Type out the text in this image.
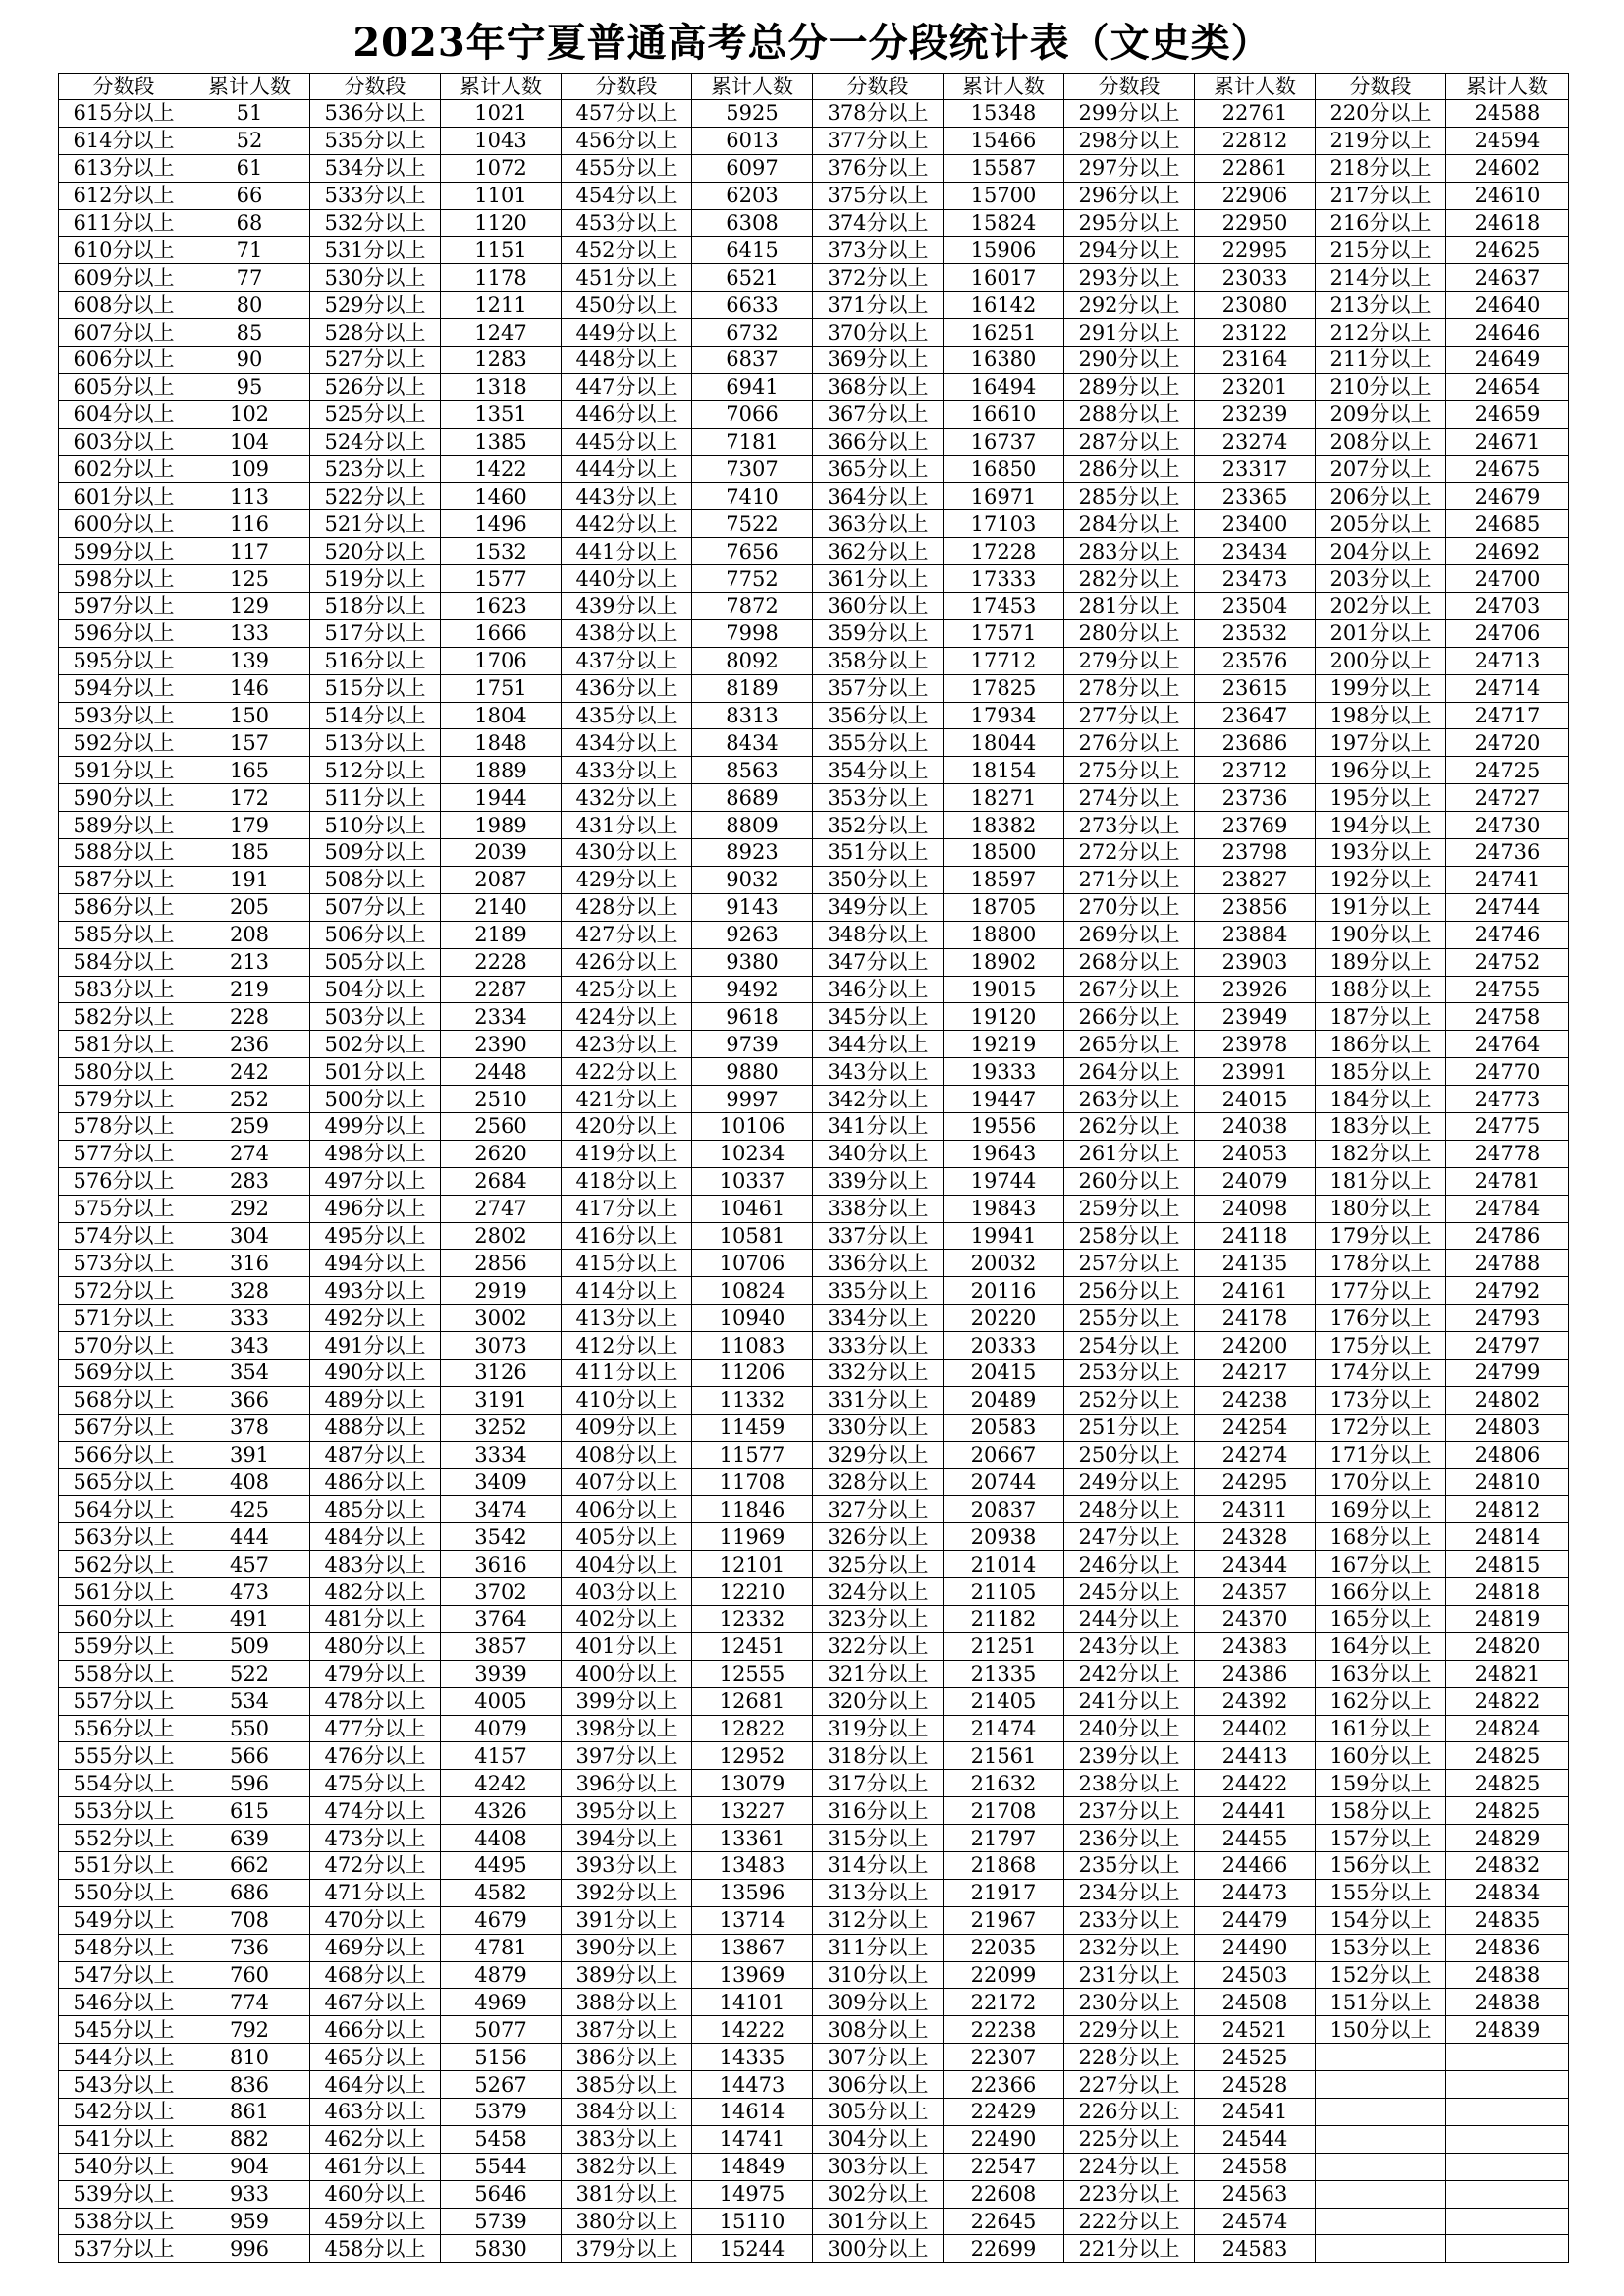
2023年宁夏普通高考总分一分段统计表（文史类）
分数段	累计人数	分数段	累计人数	分数段	累计人数	分数段	累计人数	分数段	累计人数	分数段	累计人数
615分以上	51	536分以上	1021	457分以上	5925	378分以上	15348	299分以上	22761	220分以上	24588
614分以上	52	535分以上	1043	456分以上	6013	377分以上	15466	298分以上	22812	219分以上	24594
613分以上	61	534分以上	1072	455分以上	6097	376分以上	15587	297分以上	22861	218分以上	24602
612分以上	66	533分以上	1101	454分以上	6203	375分以上	15700	296分以上	22906	217分以上	24610
611分以上	68	532分以上	1120	453分以上	6308	374分以上	15824	295分以上	22950	216分以上	24618
610分以上	71	531分以上	1151	452分以上	6415	373分以上	15906	294分以上	22995	215分以上	24625
609分以上	77	530分以上	1178	451分以上	6521	372分以上	16017	293分以上	23033	214分以上	24637
608分以上	80	529分以上	1211	450分以上	6633	371分以上	16142	292分以上	23080	213分以上	24640
607分以上	85	528分以上	1247	449分以上	6732	370分以上	16251	291分以上	23122	212分以上	24646
606分以上	90	527分以上	1283	448分以上	6837	369分以上	16380	290分以上	23164	211分以上	24649
605分以上	95	526分以上	1318	447分以上	6941	368分以上	16494	289分以上	23201	210分以上	24654
604分以上	102	525分以上	1351	446分以上	7066	367分以上	16610	288分以上	23239	209分以上	24659
603分以上	104	524分以上	1385	445分以上	7181	366分以上	16737	287分以上	23274	208分以上	24671
602分以上	109	523分以上	1422	444分以上	7307	365分以上	16850	286分以上	23317	207分以上	24675
601分以上	113	522分以上	1460	443分以上	7410	364分以上	16971	285分以上	23365	206分以上	24679
600分以上	116	521分以上	1496	442分以上	7522	363分以上	17103	284分以上	23400	205分以上	24685
599分以上	117	520分以上	1532	441分以上	7656	362分以上	17228	283分以上	23434	204分以上	24692
598分以上	125	519分以上	1577	440分以上	7752	361分以上	17333	282分以上	23473	203分以上	24700
597分以上	129	518分以上	1623	439分以上	7872	360分以上	17453	281分以上	23504	202分以上	24703
596分以上	133	517分以上	1666	438分以上	7998	359分以上	17571	280分以上	23532	201分以上	24706
595分以上	139	516分以上	1706	437分以上	8092	358分以上	17712	279分以上	23576	200分以上	24713
594分以上	146	515分以上	1751	436分以上	8189	357分以上	17825	278分以上	23615	199分以上	24714
593分以上	150	514分以上	1804	435分以上	8313	356分以上	17934	277分以上	23647	198分以上	24717
592分以上	157	513分以上	1848	434分以上	8434	355分以上	18044	276分以上	23686	197分以上	24720
591分以上	165	512分以上	1889	433分以上	8563	354分以上	18154	275分以上	23712	196分以上	24725
590分以上	172	511分以上	1944	432分以上	8689	353分以上	18271	274分以上	23736	195分以上	24727
589分以上	179	510分以上	1989	431分以上	8809	352分以上	18382	273分以上	23769	194分以上	24730
588分以上	185	509分以上	2039	430分以上	8923	351分以上	18500	272分以上	23798	193分以上	24736
587分以上	191	508分以上	2087	429分以上	9032	350分以上	18597	271分以上	23827	192分以上	24741
586分以上	205	507分以上	2140	428分以上	9143	349分以上	18705	270分以上	23856	191分以上	24744
585分以上	208	506分以上	2189	427分以上	9263	348分以上	18800	269分以上	23884	190分以上	24746
584分以上	213	505分以上	2228	426分以上	9380	347分以上	18902	268分以上	23903	189分以上	24752
583分以上	219	504分以上	2287	425分以上	9492	346分以上	19015	267分以上	23926	188分以上	24755
582分以上	228	503分以上	2334	424分以上	9618	345分以上	19120	266分以上	23949	187分以上	24758
581分以上	236	502分以上	2390	423分以上	9739	344分以上	19219	265分以上	23978	186分以上	24764
580分以上	242	501分以上	2448	422分以上	9880	343分以上	19333	264分以上	23991	185分以上	24770
579分以上	252	500分以上	2510	421分以上	9997	342分以上	19447	263分以上	24015	184分以上	24773
578分以上	259	499分以上	2560	420分以上	10106	341分以上	19556	262分以上	24038	183分以上	24775
577分以上	274	498分以上	2620	419分以上	10234	340分以上	19643	261分以上	24053	182分以上	24778
576分以上	283	497分以上	2684	418分以上	10337	339分以上	19744	260分以上	24079	181分以上	24781
575分以上	292	496分以上	2747	417分以上	10461	338分以上	19843	259分以上	24098	180分以上	24784
574分以上	304	495分以上	2802	416分以上	10581	337分以上	19941	258分以上	24118	179分以上	24786
573分以上	316	494分以上	2856	415分以上	10706	336分以上	20032	257分以上	24135	178分以上	24788
572分以上	328	493分以上	2919	414分以上	10824	335分以上	20116	256分以上	24161	177分以上	24792
571分以上	333	492分以上	3002	413分以上	10940	334分以上	20220	255分以上	24178	176分以上	24793
570分以上	343	491分以上	3073	412分以上	11083	333分以上	20333	254分以上	24200	175分以上	24797
569分以上	354	490分以上	3126	411分以上	11206	332分以上	20415	253分以上	24217	174分以上	24799
568分以上	366	489分以上	3191	410分以上	11332	331分以上	20489	252分以上	24238	173分以上	24802
567分以上	378	488分以上	3252	409分以上	11459	330分以上	20583	251分以上	24254	172分以上	24803
566分以上	391	487分以上	3334	408分以上	11577	329分以上	20667	250分以上	24274	171分以上	24806
565分以上	408	486分以上	3409	407分以上	11708	328分以上	20744	249分以上	24295	170分以上	24810
564分以上	425	485分以上	3474	406分以上	11846	327分以上	20837	248分以上	24311	169分以上	24812
563分以上	444	484分以上	3542	405分以上	11969	326分以上	20938	247分以上	24328	168分以上	24814
562分以上	457	483分以上	3616	404分以上	12101	325分以上	21014	246分以上	24344	167分以上	24815
561分以上	473	482分以上	3702	403分以上	12210	324分以上	21105	245分以上	24357	166分以上	24818
560分以上	491	481分以上	3764	402分以上	12332	323分以上	21182	244分以上	24370	165分以上	24819
559分以上	509	480分以上	3857	401分以上	12451	322分以上	21251	243分以上	24383	164分以上	24820
558分以上	522	479分以上	3939	400分以上	12555	321分以上	21335	242分以上	24386	163分以上	24821
557分以上	534	478分以上	4005	399分以上	12681	320分以上	21405	241分以上	24392	162分以上	24822
556分以上	550	477分以上	4079	398分以上	12822	319分以上	21474	240分以上	24402	161分以上	24824
555分以上	566	476分以上	4157	397分以上	12952	318分以上	21561	239分以上	24413	160分以上	24825
554分以上	596	475分以上	4242	396分以上	13079	317分以上	21632	238分以上	24422	159分以上	24825
553分以上	615	474分以上	4326	395分以上	13227	316分以上	21708	237分以上	24441	158分以上	24825
552分以上	639	473分以上	4408	394分以上	13361	315分以上	21797	236分以上	24455	157分以上	24829
551分以上	662	472分以上	4495	393分以上	13483	314分以上	21868	235分以上	24466	156分以上	24832
550分以上	686	471分以上	4582	392分以上	13596	313分以上	21917	234分以上	24473	155分以上	24834
549分以上	708	470分以上	4679	391分以上	13714	312分以上	21967	233分以上	24479	154分以上	24835
548分以上	736	469分以上	4781	390分以上	13867	311分以上	22035	232分以上	24490	153分以上	24836
547分以上	760	468分以上	4879	389分以上	13969	310分以上	22099	231分以上	24503	152分以上	24838
546分以上	774	467分以上	4969	388分以上	14101	309分以上	22172	230分以上	24508	151分以上	24838
545分以上	792	466分以上	5077	387分以上	14222	308分以上	22238	229分以上	24521	150分以上	24839
544分以上	810	465分以上	5156	386分以上	14335	307分以上	22307	228分以上	24525		
543分以上	836	464分以上	5267	385分以上	14473	306分以上	22366	227分以上	24528		
542分以上	861	463分以上	5379	384分以上	14614	305分以上	22429	226分以上	24541		
541分以上	882	462分以上	5458	383分以上	14741	304分以上	22490	225分以上	24544		
540分以上	904	461分以上	5544	382分以上	14849	303分以上	22547	224分以上	24558		
539分以上	933	460分以上	5646	381分以上	14975	302分以上	22608	223分以上	24563		
538分以上	959	459分以上	5739	380分以上	15110	301分以上	22645	222分以上	24574		
537分以上	996	458分以上	5830	379分以上	15244	300分以上	22699	221分以上	24583		
